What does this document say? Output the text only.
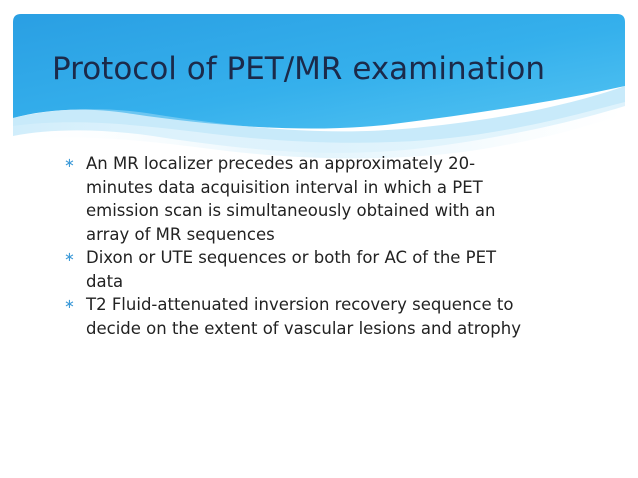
Protocol of PET/MR examination
∗ An MR localizer precedes an approximately 20-
minutes data acquisition interval in which a PET
emission scan is simultaneously obtained with an
array of MR sequences
∗ Dixon or UTE sequences or both for AC of the PET
data
∗ T2 Fluid-attenuated inversion recovery sequence to
decide on the extent of vascular lesions and atrophy
